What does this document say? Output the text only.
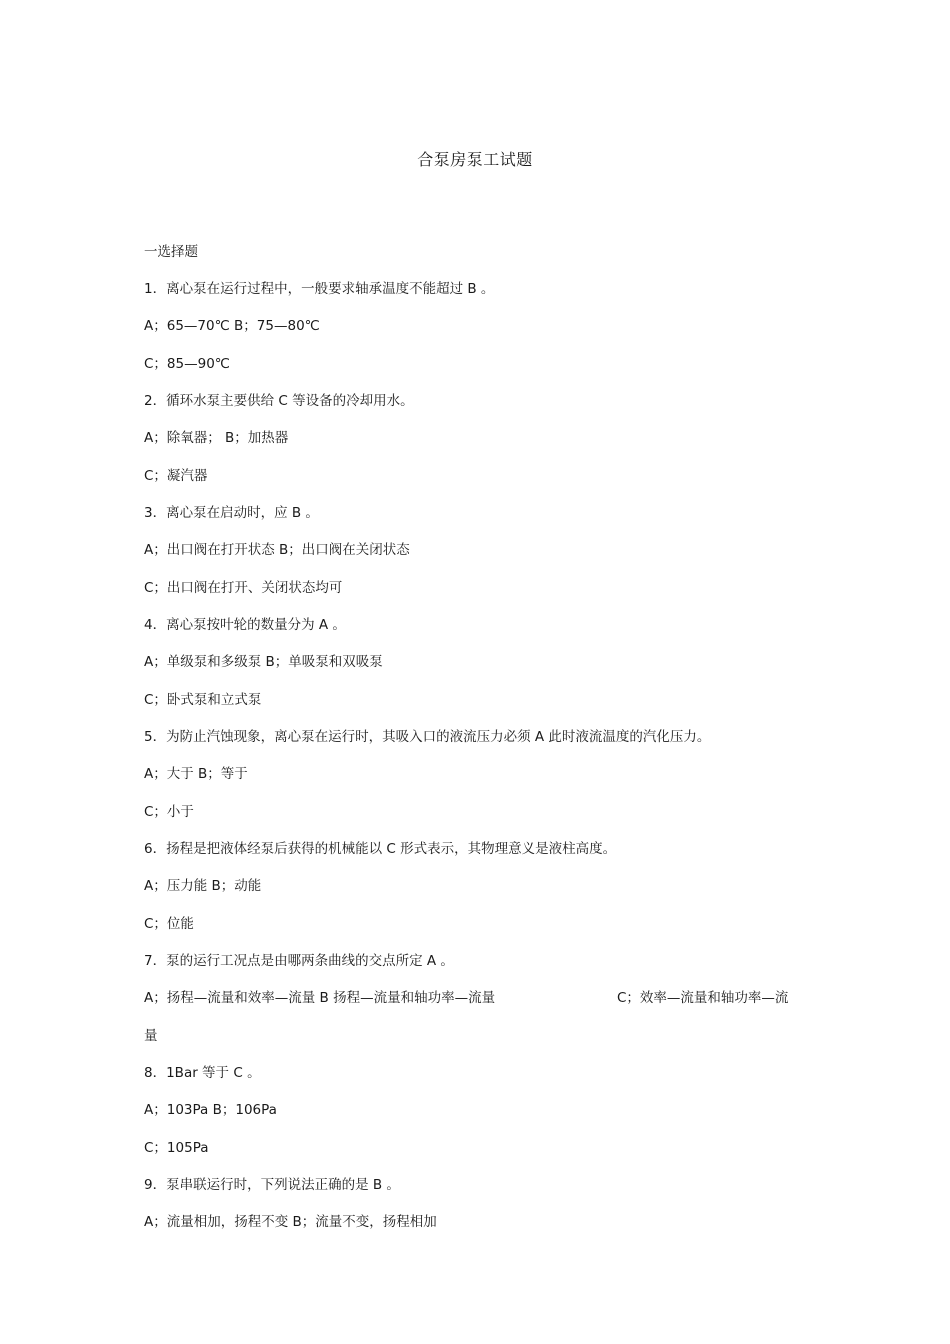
合泵房泵工试题
一选择题
1．离心泵在运行过程中，一般要求轴承温度不能超过 B 。
A；65—70℃ B；75—80℃
C；85—90℃
2．循环水泵主要供给 C 等设备的冷却用水。
A；除氧器； B；加热器
C；凝汽器
3．离心泵在启动时，应 B 。
A；出口阀在打开状态 B；出口阀在关闭状态
C；出口阀在打开、关闭状态均可
4．离心泵按叶轮的数量分为 A 。
A；单级泵和多级泵 B；单吸泵和双吸泵
C；卧式泵和立式泵
5．为防止汽蚀现象，离心泵在运行时，其吸入口的液流压力必须 A 此时液流温度的汽化压力。
A；大于 B；等于
C；小于
6．扬程是把液体经泵后获得的机械能以 C 形式表示，其物理意义是液柱高度。
A；压力能 B；动能
C；位能
7．泵的运行工况点是由哪两条曲线的交点所定 A 。
A；扬程—流量和效率—流量 B 扬程—流量和轴功率—流量	C；效率—流量和轴功率—流
量
8．1Bar 等于 C 。
A；103Pa B；106Pa
C；105Pa
9．泵串联运行时，下列说法正确的是 B 。
A；流量相加，扬程不变 B；流量不变，扬程相加
